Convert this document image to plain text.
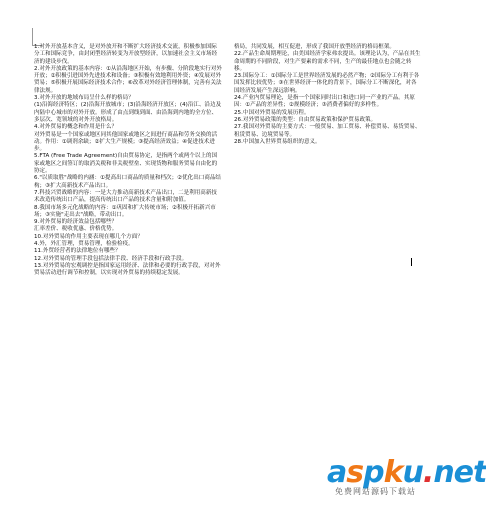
1.对外开放基本含义，是对外放开和不断扩大经济技术交流，积极参加国际分工和国际竞争，由封闭型经济转变为开放型经济，以加速社会主义市场经济的建设步伐。

2.对外开放政策的基本内容：①从沿海地区开始，有步骤、分阶段地实行对外开放；②积极引进国外先进技术和设备；③积极有效地利用外资；④发展对外贸易；⑤积极开展国际经济技术合作；⑥改革对外经济管理体制，完善有关法律法规。

3.对外开放的地域布局呈什么样的格局？

(1)沿海经济特区；(2)沿海开放城市；(3)沿海经济开放区；(4)沿江、沿边及内陆中心城市的对外开放。形成了由点到线到面、由沿海到内地的全方位、多层次、宽领域的对外开放格局。

4.对外贸易的概念和作用是什么？

对外贸易是一个国家或地区同其他国家或地区之间进行商品和劳务交换的活动。作用：①调剂余缺；②扩大生产规模；③提高经济效益；④促进技术进步。

5.FTA (Free Trade Agreement)自由贸易协定，是指两个或两个以上的国家或地区之间签订的取消关税和非关税壁垒、实现货物和服务贸易自由化的协定。

6."以质取胜"战略的内涵：①提高出口商品的质量和档次；②优化出口商品结构；③扩大高新技术产品出口。

7.科技兴贸战略的内容：一是大力推动高新技术产品出口，二是利用高新技术改造传统出口产品，提高传统出口产品的技术含量和附加值。

8.我国市场多元化战略的内容：①巩固和扩大传统市场；②积极开拓新兴市场；③实施"走出去"战略，带动出口。

9.对外贸易的经济效益包括哪些？

汇率差价、税收优惠、价格优势。

10.对外贸易的作用主要表现在哪几个方面？

4.外，外汇管理，贸易管理，检验检疫。

11.外贸经营者的法律地位有哪些？

12.对外贸易的管理手段包括法律手段、经济手段和行政手段。

13.对外贸易的宏观调控是指国家运用经济、法律和必要的行政手段，对对外贸易活动进行调节和控制，以实现对外贸易的持续稳定发展。

格局，共同发展，相互促进，形成了我国开放型经济的格局框架。

22.产品生命周期理论，由美国经济学家弗农提出。该理论认为，产品在其生命周期的不同阶段，对生产要素的需求不同，生产的最佳地点也会随之转移。

23.国际分工：①国际分工是世界经济发展的必然产物；②国际分工有利于各国发挥比较优势；③在世界经济一体化的背景下，国际分工不断深化，对各国经济发展产生深远影响。

24.产业内贸易理论，是指一个国家同时出口和进口同一产业的产品。其原因：①产品的差异性；②规模经济；③消费者偏好的多样性。

25.中国对外贸易的发展历程。

26.对外贸易政策的类型：自由贸易政策和保护贸易政策。

27.我国对外贸易的主要方式：一般贸易、加工贸易、补偿贸易、易货贸易、租赁贸易、边境贸易等。

28.中国加入世界贸易组织的意义。

aspku.net
免费网站源码下载站
